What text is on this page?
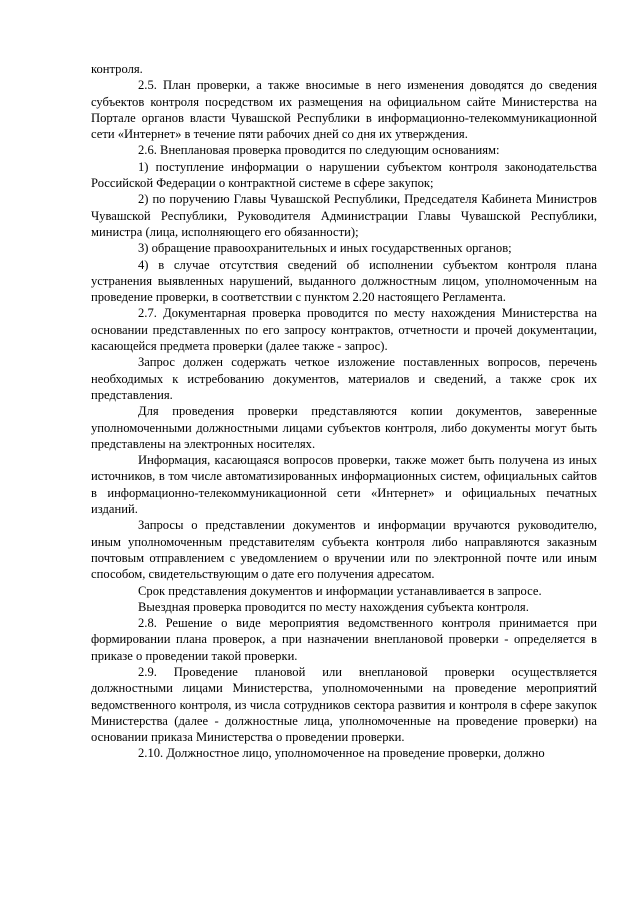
контроля.

2.5. План проверки, а также вносимые в него изменения доводятся до сведения субъектов контроля посредством их размещения на официальном сайте Министерства на Портале органов власти Чувашской Республики в информационно-телекоммуникационной сети «Интернет» в течение пяти рабочих дней со дня их утверждения.

2.6. Внеплановая проверка проводится по следующим основаниям:

1) поступление информации о нарушении субъектом контроля законодательства Российской Федерации о контрактной системе в сфере закупок;

2) по поручению Главы Чувашской Республики, Председателя Кабинета Министров Чувашской Республики, Руководителя Администрации Главы Чувашской Республики, министра (лица, исполняющего его обязанности);

3) обращение правоохранительных и иных государственных органов;

4) в случае отсутствия сведений об исполнении субъектом контроля плана устранения выявленных нарушений, выданного должностным лицом, уполномоченным на проведение проверки, в соответствии с пунктом 2.20 настоящего Регламента.

2.7. Документарная проверка проводится по месту нахождения Министерства на основании представленных по его запросу контрактов, отчетности и прочей документации, касающейся предмета проверки (далее также - запрос).

Запрос должен содержать четкое изложение поставленных вопросов, перечень необходимых к истребованию документов, материалов и сведений, а также срок их представления.

Для проведения проверки представляются копии документов, заверенные уполномоченными должностными лицами субъектов контроля, либо документы могут быть представлены на электронных носителях.

Информация, касающаяся вопросов проверки, также может быть получена из иных источников, в том числе автоматизированных информационных систем, официальных сайтов в информационно-телекоммуникационной сети «Интернет» и официальных печатных изданий.

Запросы о представлении документов и информации вручаются руководителю, иным уполномоченным представителям субъекта контроля либо направляются заказным почтовым отправлением с уведомлением о вручении или по электронной почте или иным способом, свидетельствующим о дате его получения адресатом.

Срок представления документов и информации устанавливается в запросе.

Выездная проверка проводится по месту нахождения субъекта контроля.

2.8. Решение о виде мероприятия ведомственного контроля принимается при формировании плана проверок, а при назначении внеплановой проверки - определяется в приказе о проведении такой проверки.

2.9. Проведение плановой или внеплановой проверки осуществляется должностными лицами Министерства, уполномоченными на проведение мероприятий ведомственного контроля, из числа сотрудников сектора развития и контроля в сфере закупок Министерства (далее - должностные лица, уполномоченные на проведение проверки) на основании приказа Министерства о проведении проверки.

2.10. Должностное лицо, уполномоченное на проведение проверки, должно
